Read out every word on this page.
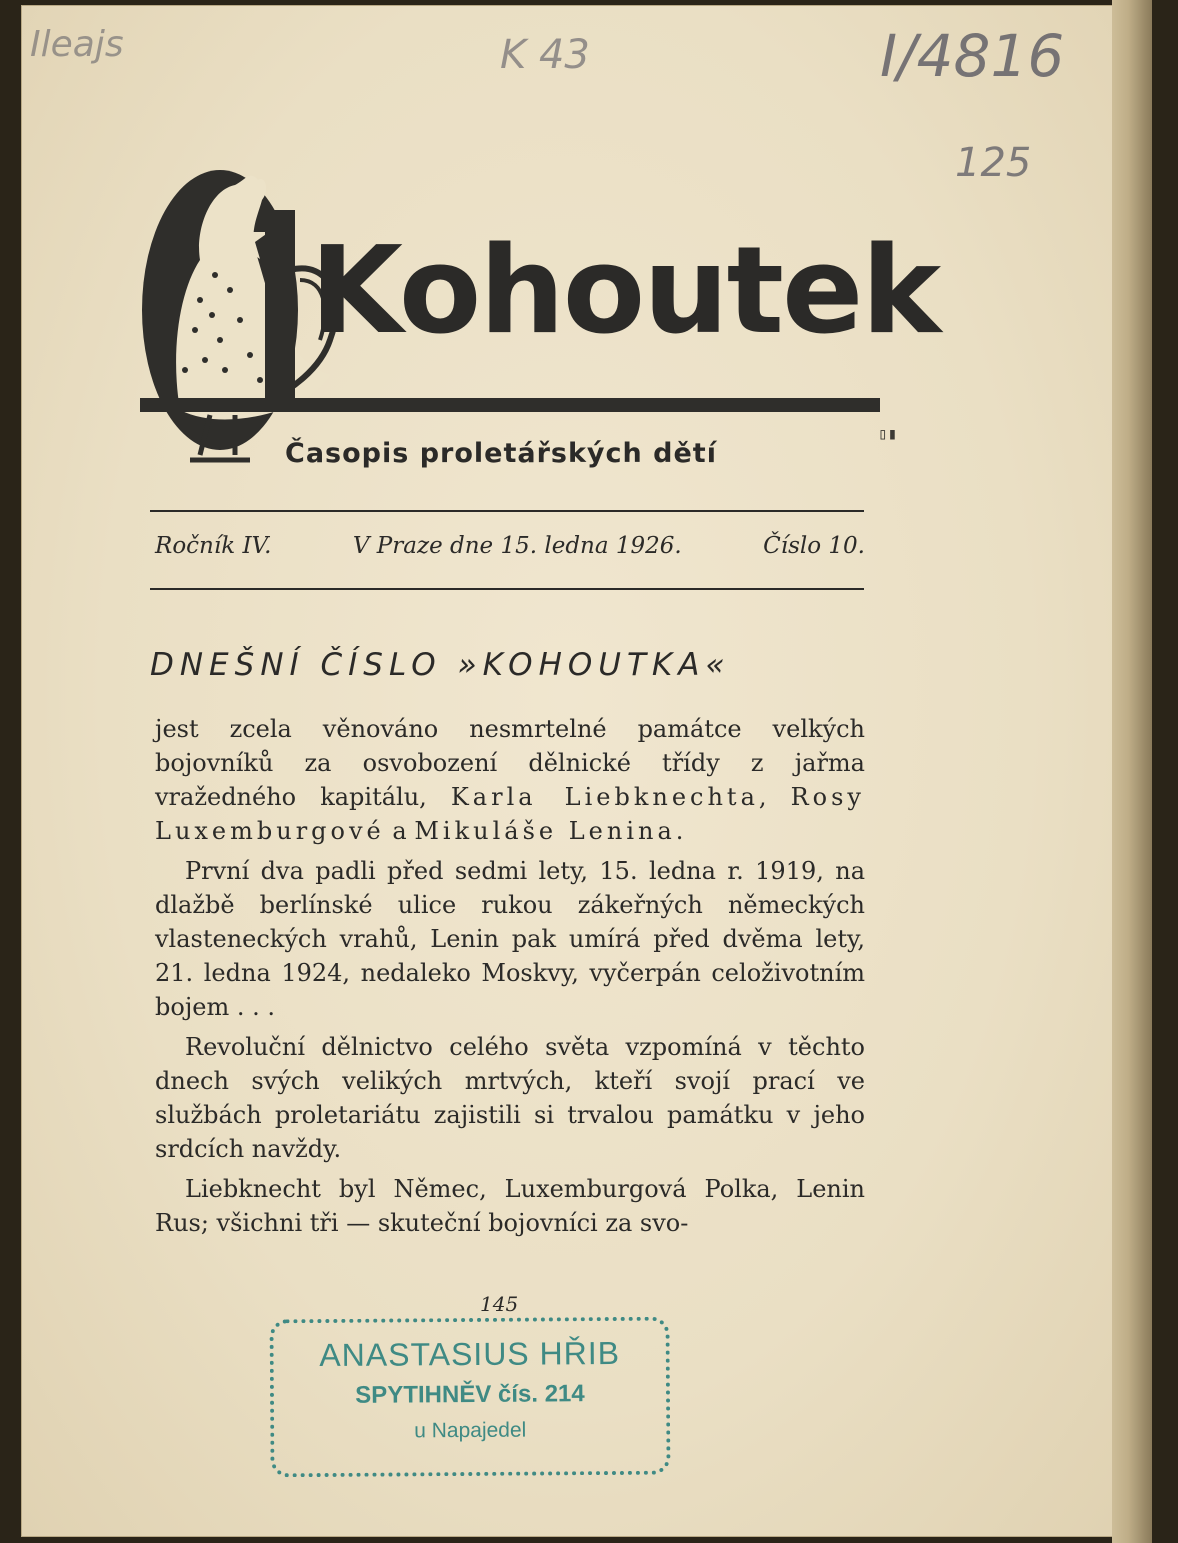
Ileajs	K 43	I/4816
125
Kohoutek
Časopis proletářských dětí
▯▮
Ročník IV.	V Praze dne 15. ledna 1926.	Číslo 10.
DNEŠNÍ ČÍSLO »KOHOUTKA«

jest zcela věnováno nesmrtelné památce velkých bojovníků za osvobození dělnické třídy z jařma vražedného kapitálu, Karla Liebknechta, Rosy Luxemburgové a Mikuláše Lenina.

První dva padli před sedmi lety, 15. ledna r. 1919, na dlažbě berlínské ulice rukou zákeřných německých vlasteneckých vrahů, Lenin pak umírá před dvěma lety, 21. ledna 1924, nedaleko Moskvy, vyčerpán celoživotním bojem . . .

Revoluční dělnictvo celého světa vzpomíná v těchto dnech svých velikých mrtvých, kteří svojí prací ve službách proletariátu zajistili si trvalou památku v jeho srdcích navždy.

Liebknecht byl Němec, Luxemburgová Polka, Lenin Rus; všichni tři — skuteční bojovníci za svo-

145
ANASTASIUS HŘIB
SPYTIHNĚV čís. 214
u Napajedel
